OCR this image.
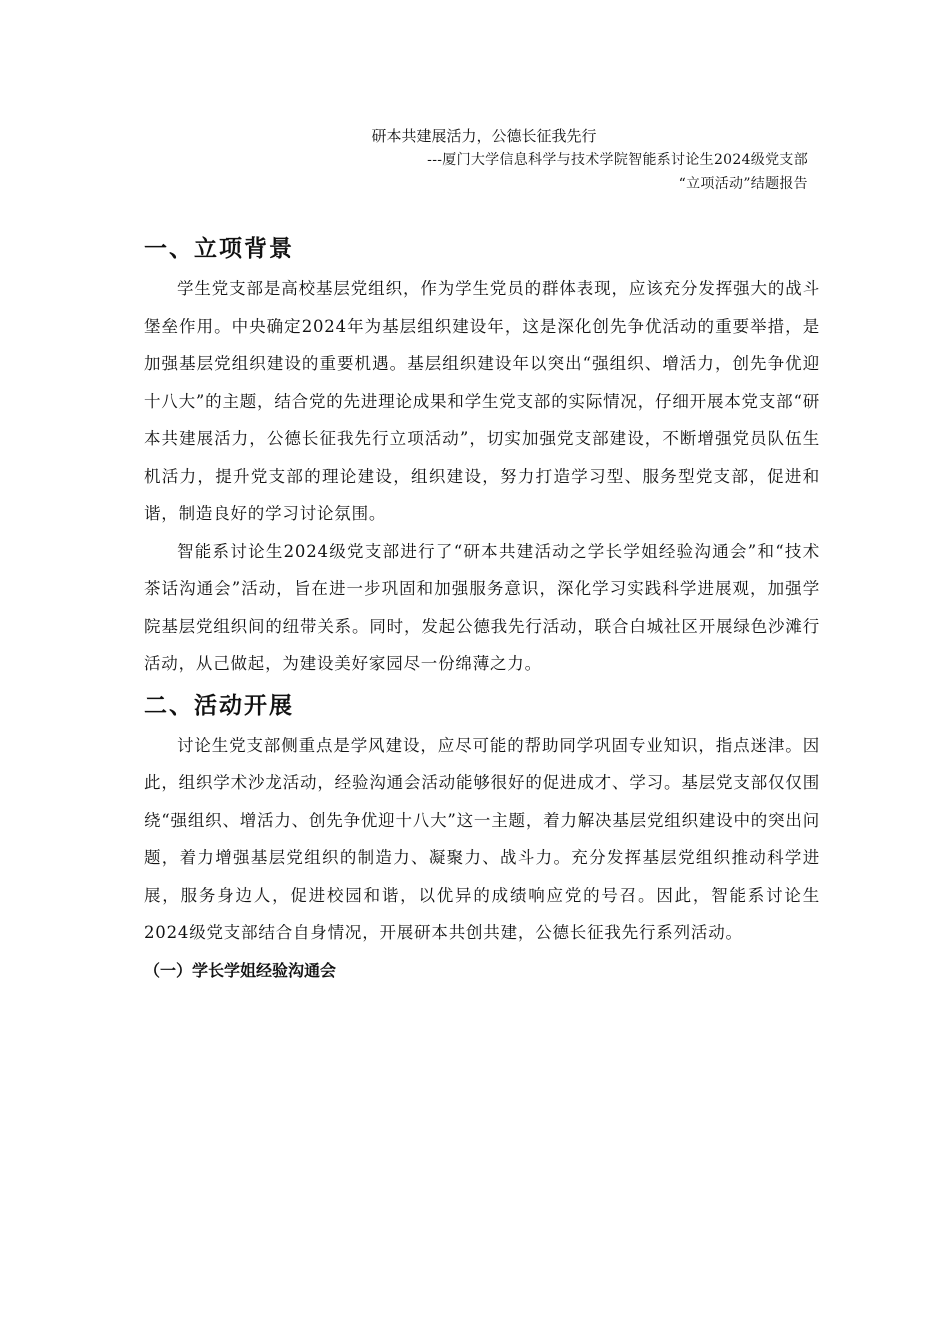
研本共建展活力，公德长征我先行

---厦门大学信息科学与技术学院智能系讨论生2024级党支部

“立项活动”结题报告

一、立项背景

学生党支部是高校基层党组织，作为学生党员的群体表现，应该充分发挥强大的战斗堡垒作用。中央确定2024年为基层组织建设年，这是深化创先争优活动的重要举措，是加强基层党组织建设的重要机遇。基层组织建设年以突出“强组织、增活力，创先争优迎十八大”的主题，结合党的先进理论成果和学生党支部的实际情况，仔细开展本党支部“研本共建展活力，公德长征我先行立项活动”，切实加强党支部建设，不断增强党员队伍生机活力，提升党支部的理论建设，组织建设，努力打造学习型、服务型党支部，促进和谐，制造良好的学习讨论氛围。

智能系讨论生2024级党支部进行了“研本共建活动之学长学姐经验沟通会”和“技术茶话沟通会”活动，旨在进一步巩固和加强服务意识，深化学习实践科学进展观，加强学院基层党组织间的纽带关系。同时，发起公德我先行活动，联合白城社区开展绿色沙滩行活动，从己做起，为建设美好家园尽一份绵薄之力。

二、活动开展

讨论生党支部侧重点是学风建设，应尽可能的帮助同学巩固专业知识，指点迷津。因此，组织学术沙龙活动，经验沟通会活动能够很好的促进成才、学习。基层党支部仅仅围绕“强组织、增活力、创先争优迎十八大”这一主题，着力解决基层党组织建设中的突出问题，着力增强基层党组织的制造力、凝聚力、战斗力。充分发挥基层党组织推动科学进展，服务身边人，促进校园和谐，以优异的成绩响应党的号召。因此，智能系讨论生2024级党支部结合自身情况，开展研本共创共建，公德长征我先行系列活动。

（一）学长学姐经验沟通会
